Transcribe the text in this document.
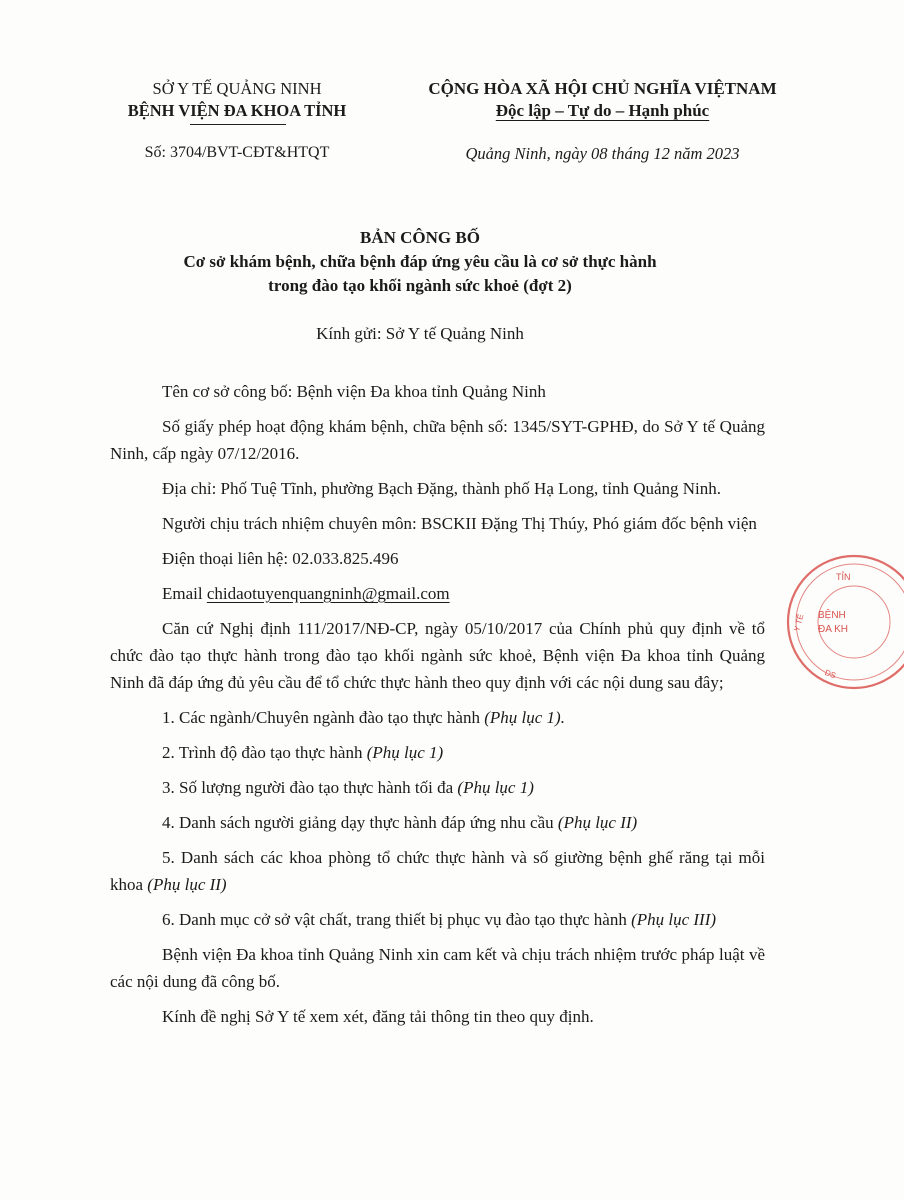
SỞ Y TẾ QUẢNG NINH
BỆNH VIỆN ĐA KHOA TỈNH
Số: 3704/BVT-CĐT&HTQT
CỘNG HÒA XÃ HỘI CHỦ NGHĨA VIỆTNAM
Độc lập – Tự do – Hạnh phúc
Quảng Ninh, ngày 08 tháng 12 năm 2023
BẢN CÔNG BỐ
Cơ sở khám bệnh, chữa bệnh đáp ứng yêu cầu là cơ sở thực hành
trong đào tạo khối ngành sức khoẻ (đợt 2)
Kính gửi: Sở Y tế Quảng Ninh

Tên cơ sở công bố: Bệnh viện Đa khoa tỉnh Quảng Ninh

Số giấy phép hoạt động khám bệnh, chữa bệnh số: 1345/SYT-GPHĐ, do Sở Y tế Quảng Ninh, cấp ngày 07/12/2016.

Địa chỉ: Phố Tuệ Tĩnh, phường Bạch Đặng, thành phố Hạ Long, tỉnh Quảng Ninh.

Người chịu trách nhiệm chuyên môn: BSCKII Đặng Thị Thúy, Phó giám đốc bệnh viện

Điện thoại liên hệ: 02.033.825.496

Email chidaotuyenquangninh@gmail.com

Căn cứ Nghị định 111/2017/NĐ-CP, ngày 05/10/2017 của Chính phủ quy định về tổ chức đào tạo thực hành trong đào tạo khối ngành sức khoẻ, Bệnh viện Đa khoa tỉnh Quảng Ninh đã đáp ứng đủ yêu cầu để tổ chức thực hành theo quy định với các nội dung sau đây;

1. Các ngành/Chuyên ngành đào tạo thực hành (Phụ lục 1).

2. Trình độ đào tạo thực hành (Phụ lục 1)

3. Số lượng người đào tạo thực hành tối đa (Phụ lục 1)

4. Danh sách người giảng dạy thực hành đáp ứng nhu cầu (Phụ lục II)

5. Danh sách các khoa phòng tổ chức thực hành và số giường bệnh ghế răng tại mỗi khoa (Phụ lục II)

6. Danh mục cở sở vật chất, trang thiết bị phục vụ đào tạo thực hành (Phụ lục III)

Bệnh viện Đa khoa tỉnh Quảng Ninh xin cam kết và chịu trách nhiệm trước pháp luật về các nội dung đã công bố.

Kính đề nghị Sở Y tế xem xét, đăng tải thông tin theo quy định.

TỈN
Y TẾ BỆNH
ĐA KH
DS
